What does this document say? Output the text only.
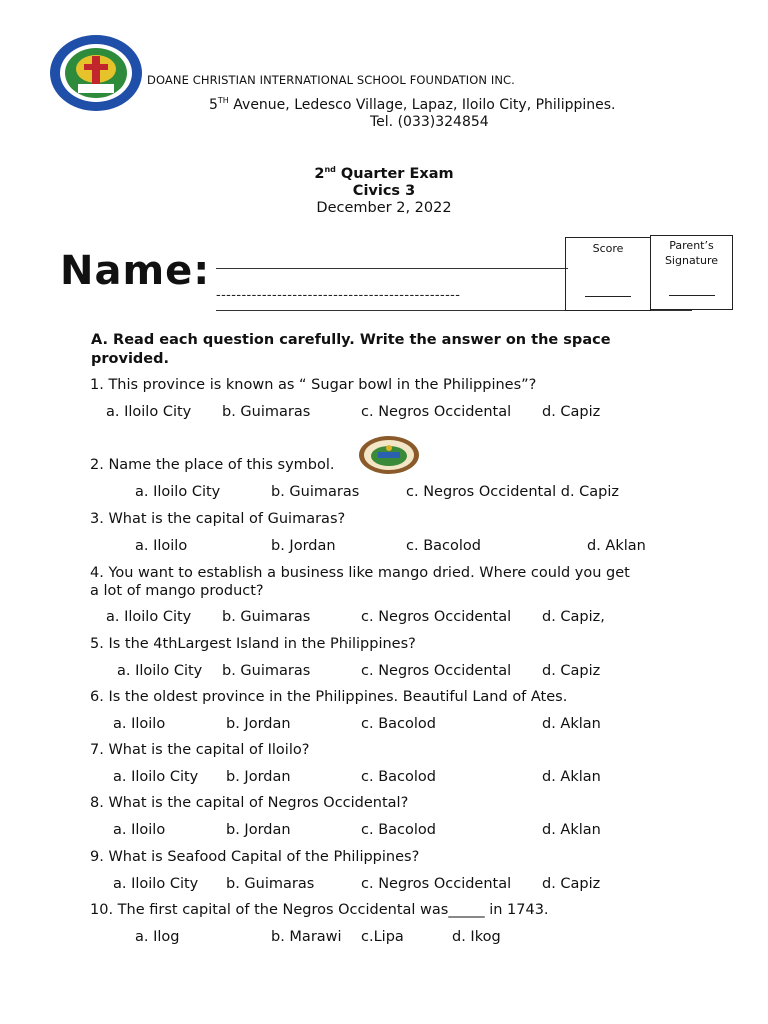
DOANE CHRISTIAN INTERNATIONAL SCHOOL FOUNDATION INC.
5TH Avenue, Ledesco Village, Lapaz, Iloilo City, Philippines.
Tel. (033)324854
2nd Quarter Exam
Civics 3
December 2, 2022
Name:
------------------------------------------------
Score	Parent’s
Signature
A. Read each question carefully. Write the answer on the space provided.
1. This province is known as “ Sugar bowl in the Philippines”?
a. Iloilo City b. Guimaras	c. Negros Occidental d. Capiz
2. Name the place of this symbol.
a. Iloilo City	b. Guimaras	c. Negros Occidental d. Capiz
3. What is the capital of Guimaras?
a. Iloilo	b. Jordan	c. Bacolod	d. Aklan
4. You want to establish a business like mango dried. Where could you get
a lot of mango product?
a. Iloilo City b. Guimaras	c. Negros Occidental d. Capiz,
5. Is the 4thLargest Island in the Philippines?
a. Iloilo City b. Guimaras	c. Negros Occidental d. Capiz
6. Is the oldest province in the Philippines. Beautiful Land of Ates.
a. Iloilo	b. Jordan	c. Bacolod	d. Aklan
7. What is the capital of Iloilo?
a. Iloilo City b. Jordan	c. Bacolod	d. Aklan
8. What is the capital of Negros Occidental?
a. Iloilo	b. Jordan	c. Bacolod	d. Aklan
9. What is Seafood Capital of the Philippines?
a. Iloilo City b. Guimaras	c. Negros Occidental d. Capiz
10. The first capital of the Negros Occidental was_____ in 1743.
a. Ilog	b. Marawi c.Lipa	d. Ikog
